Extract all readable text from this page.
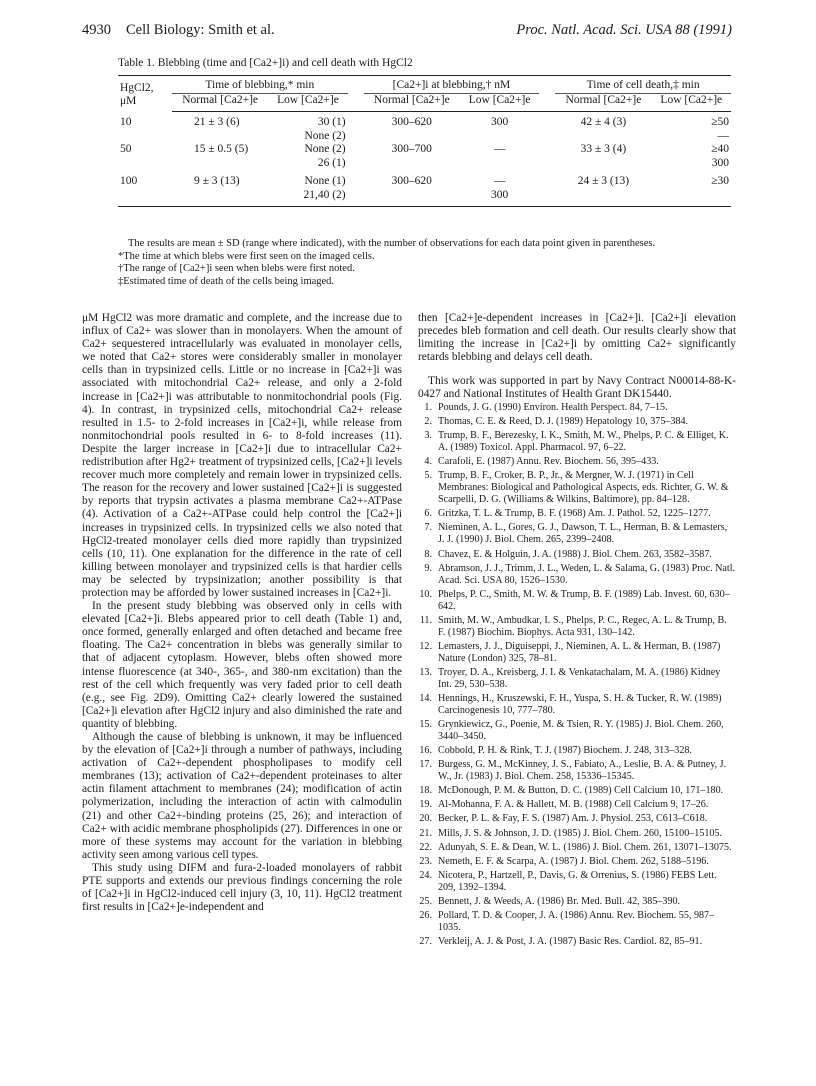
4930 Cell Biology: Smith et al.	Proc. Natl. Acad. Sci. USA 88 (1991)
Table 1. Blebbing (time and [Ca2+]i) and cell death with HgCl2
HgCl2, μM	Time of blebbing,* min			[Ca2+]i at blebbing,† nM			Time of cell death,‡ min	
	Normal [Ca2+]e	Low [Ca2+]e		Normal [Ca2+]e	Low [Ca2+]e		Normal [Ca2+]e	Low [Ca2+]e
10	21 ± 3 (6)	30 (1)		300–620	300		42 ± 4 (3)	≥50
		None (2)						—
50	15 ± 0.5 (5)	None (2)		300–700	—		33 ± 3 (4)	≥40
		26 (1)						300
100	9 ± 3 (13)	None (1)		300–620	—		24 ± 3 (13)	≥30
		21,40 (2)			300			

The results are mean ± SD (range where indicated), with the number of observations for each data point given in parentheses.

*The time at which blebs were first seen on the imaged cells.

†The range of [Ca2+]i seen when blebs were first noted.

‡Estimated time of death of the cells being imaged.

μM HgCl2 was more dramatic and complete, and the increase due to influx of Ca2+ was slower than in monolayers. When the amount of Ca2+ sequestered intracellularly was evaluated in monolayer cells, we noted that Ca2+ stores were considerably smaller in monolayer cells than in trypsinized cells. Little or no increase in [Ca2+]i was associated with mitochondrial Ca2+ release, and only a 2-fold increase in [Ca2+]i was attributable to nonmitochondrial pools (Fig. 4). In contrast, in trypsinized cells, mitochondrial Ca2+ release resulted in 1.5- to 2-fold increases in [Ca2+]i, while release from nonmitochondrial pools resulted in 6- to 8-fold increases (11). Despite the larger increase in [Ca2+]i due to intracellular Ca2+ redistribution after Hg2+ treatment of trypsinized cells, [Ca2+]i levels recover much more completely and remain lower in trypsinized cells. The reason for the recovery and lower sustained [Ca2+]i is suggested by reports that trypsin activates a plasma membrane Ca2+-ATPase (4). Activation of a Ca2+-ATPase could help control the [Ca2+]i increases in trypsinized cells. In trypsinized cells we also noted that HgCl2-treated monolayer cells died more rapidly than trypsinized cells (10, 11). One explanation for the difference in the rate of cell killing between monolayer and trypsinized cells is that hardier cells may be selected by trypsinization; another possibility is that protection may be afforded by lower sustained increases in [Ca2+]i.

In the present study blebbing was observed only in cells with elevated [Ca2+]i. Blebs appeared prior to cell death (Table 1) and, once formed, generally enlarged and often detached and became free floating. The Ca2+ concentration in blebs was generally similar to that of adjacent cytoplasm. However, blebs often showed more intense fluorescence (at 340-, 365-, and 380-nm excitation) than the rest of the cell which frequently was very faded prior to cell death (e.g., see Fig. 2D9). Omitting Ca2+ clearly lowered the sustained [Ca2+]i elevation after HgCl2 injury and also diminished the rate and quantity of blebbing.

Although the cause of blebbing is unknown, it may be influenced by the elevation of [Ca2+]i through a number of pathways, including activation of Ca2+-dependent phospholipases to modify cell membranes (13); activation of Ca2+-dependent proteinases to alter actin filament attachment to membranes (24); modification of actin polymerization, including the interaction of actin with calmodulin (21) and other Ca2+-binding proteins (25, 26); and interaction of Ca2+ with acidic membrane phospholipids (27). Differences in one or more of these systems may account for the variation in blebbing activity seen among various cell types.

This study using DIFM and fura-2-loaded monolayers of rabbit PTE supports and extends our previous findings concerning the role of [Ca2+]i in HgCl2-induced cell injury (3, 10, 11). HgCl2 treatment first results in [Ca2+]e-independent and

then [Ca2+]e-dependent increases in [Ca2+]i. [Ca2+]i elevation precedes bleb formation and cell death. Our results clearly show that limiting the increase in [Ca2+]i by omitting Ca2+ significantly retards blebbing and delays cell death.

This work was supported in part by Navy Contract N00014-88-K-0427 and National Institutes of Health Grant DK15440.

1. Pounds, J. G. (1990) Environ. Health Perspect. 84, 7–15.
2. Thomas, C. E. & Reed, D. J. (1989) Hepatology 10, 375–384.
3. Trump, B. F., Berezesky, I. K., Smith, M. W., Phelps, P. C. & Elliget, K. A. (1989) Toxicol. Appl. Pharmacol. 97, 6–22.
4. Carafoli, E. (1987) Annu. Rev. Biochem. 56, 395–433.
5. Trump, B. F., Croker, B. P., Jr., & Mergner, W. J. (1971) in Cell Membranes: Biological and Pathological Aspects, eds. Richter, G. W. & Scarpelli, D. G. (Williams & Wilkins, Baltimore), pp. 84–128.
6. Gritzka, T. L. & Trump, B. F. (1968) Am. J. Pathol. 52, 1225–1277.
7. Nieminen, A. L., Gores, G. J., Dawson, T. L., Herman, B. & Lemasters, J. J. (1990) J. Biol. Chem. 265, 2399–2408.
8. Chavez, E. & Holguin, J. A. (1988) J. Biol. Chem. 263, 3582–3587.
9. Abramson, J. J., Trimm, J. L., Weden, L. & Salama, G. (1983) Proc. Natl. Acad. Sci. USA 80, 1526–1530.
10. Phelps, P. C., Smith, M. W. & Trump, B. F. (1989) Lab. Invest. 60, 630–642.
11. Smith, M. W., Ambudkar, I. S., Phelps, P. C., Regec, A. L. & Trump, B. F. (1987) Biochim. Biophys. Acta 931, 130–142.
12. Lemasters, J. J., Diguiseppi, J., Nieminen, A. L. & Herman, B. (1987) Nature (London) 325, 78–81.
13. Troyer, D. A., Kreisberg, J. I. & Venkatachalam, M. A. (1986) Kidney Int. 29, 530–538.
14. Hennings, H., Kruszewski, F. H., Yuspa, S. H. & Tucker, R. W. (1989) Carcinogenesis 10, 777–780.
15. Grynkiewicz, G., Poenie, M. & Tsien, R. Y. (1985) J. Biol. Chem. 260, 3440–3450.
16. Cobbold, P. H. & Rink, T. J. (1987) Biochem. J. 248, 313–328.
17. Burgess, G. M., McKinney, J. S., Fabiato, A., Leslie, B. A. & Putney, J. W., Jr. (1983) J. Biol. Chem. 258, 15336–15345.
18. McDonough, P. M. & Button, D. C. (1989) Cell Calcium 10, 171–180.
19. Al-Mohanna, F. A. & Hallett, M. B. (1988) Cell Calcium 9, 17–26.
20. Becker, P. L. & Fay, F. S. (1987) Am. J. Physiol. 253, C613–C618.
21. Mills, J. S. & Johnson, J. D. (1985) J. Biol. Chem. 260, 15100–15105.
22. Adunyah, S. E. & Dean, W. L. (1986) J. Biol. Chem. 261, 13071–13075.
23. Nemeth, E. F. & Scarpa, A. (1987) J. Biol. Chem. 262, 5188–5196.
24. Nicotera, P., Hartzell, P., Davis, G. & Orrenius, S. (1986) FEBS Lett. 209, 1392–1394.
25. Bennett, J. & Weeds, A. (1986) Br. Med. Bull. 42, 385–390.
26. Pollard, T. D. & Cooper, J. A. (1986) Annu. Rev. Biochem. 55, 987–1035.
27. Verkleij, A. J. & Post, J. A. (1987) Basic Res. Cardiol. 82, 85–91.
